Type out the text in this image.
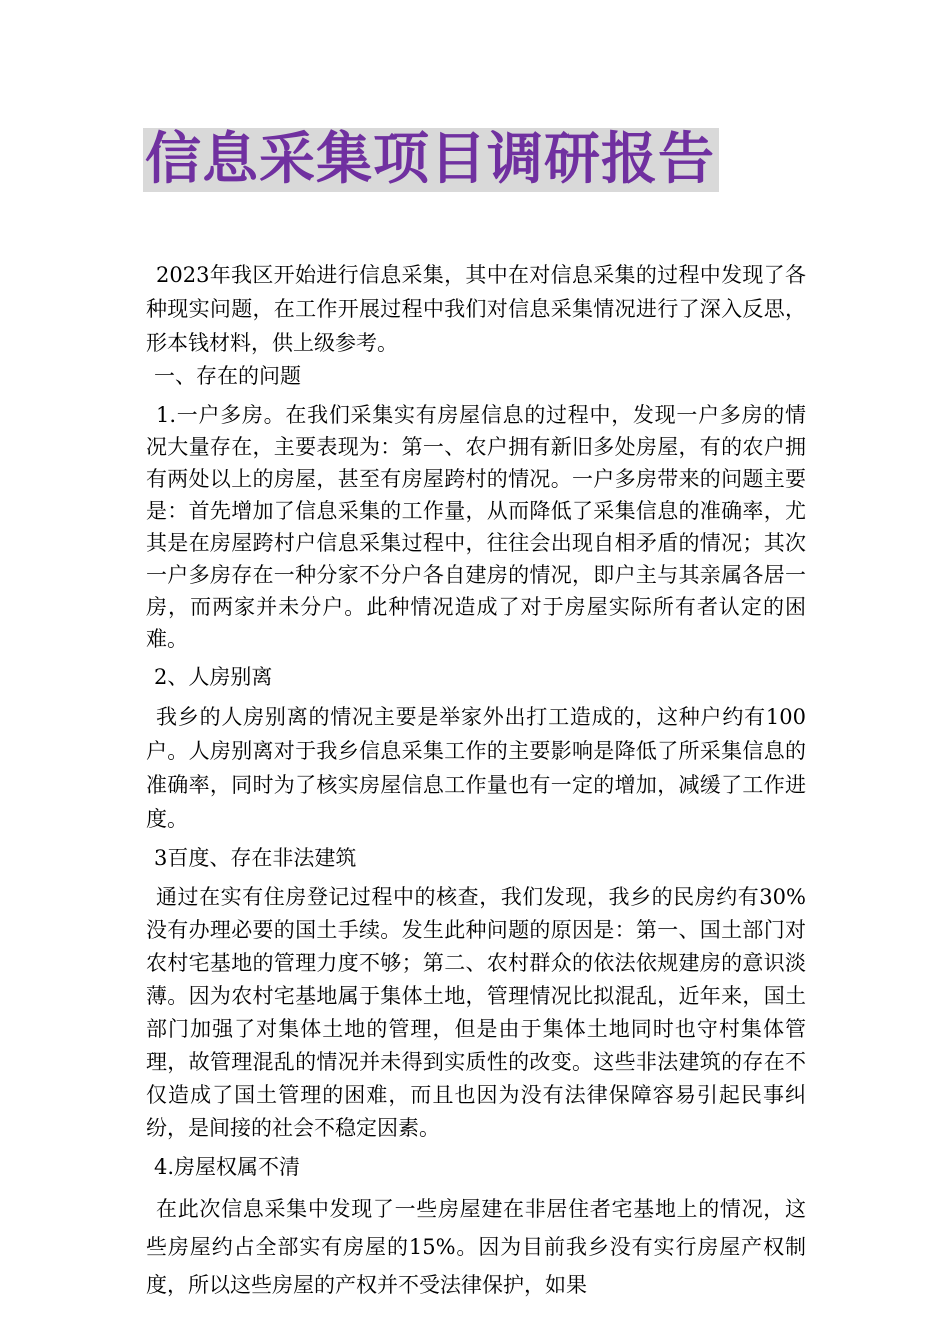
信息采集项目调研报告

2023年我区开始进行信息采集，其中在对信息采集的过程中发现了各种现实问题，在工作开展过程中我们对信息采集情况进行了深入反思，形本钱材料，供上级参考。

一、存在的问题

1.一户多房。在我们采集实有房屋信息的过程中，发现一户多房的情况大量存在，主要表现为：第一、农户拥有新旧多处房屋，有的农户拥有两处以上的房屋，甚至有房屋跨村的情况。一户多房带来的问题主要是：首先增加了信息采集的工作量，从而降低了采集信息的准确率，尤其是在房屋跨村户信息采集过程中，往往会出现自相矛盾的情况；其次一户多房存在一种分家不分户各自建房的情况，即户主与其亲属各居一房，而两家并未分户。此种情况造成了对于房屋实际所有者认定的困难。

2、人房别离

我乡的人房别离的情况主要是举家外出打工造成的，这种户约有100户。人房别离对于我乡信息采集工作的主要影响是降低了所采集信息的准确率，同时为了核实房屋信息工作量也有一定的增加，减缓了工作进度。

3百度、存在非法建筑

通过在实有住房登记过程中的核查，我们发现，我乡的民房约有30%没有办理必要的国土手续。发生此种问题的原因是：第一、国土部门对农村宅基地的管理力度不够；第二、农村群众的依法依规建房的意识淡薄。因为农村宅基地属于集体土地，管理情况比拟混乱，近年来，国土部门加强了对集体土地的管理，但是由于集体土地同时也守村集体管理，故管理混乱的情况并未得到实质性的改变。这些非法建筑的存在不仅造成了国土管理的困难，而且也因为没有法律保障容易引起民事纠纷，是间接的社会不稳定因素。

4.房屋权属不清

在此次信息采集中发现了一些房屋建在非居住者宅基地上的情况，这些房屋约占全部实有房屋的15%。因为目前我乡没有实行房屋产权制度，所以这些房屋的产权并不受法律保护，如果
